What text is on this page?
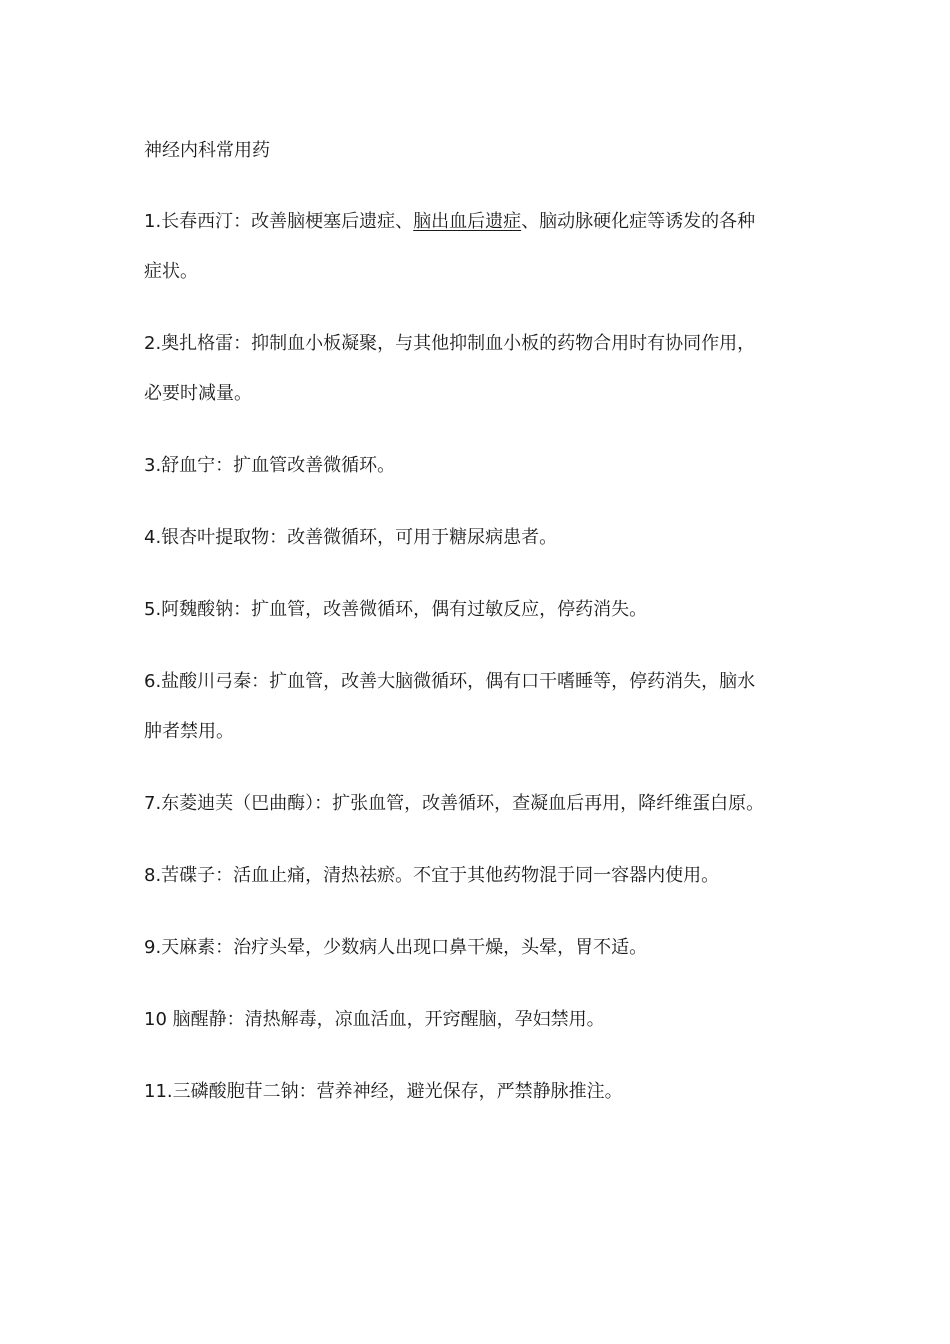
神经内科常用药
1.长春西汀：改善脑梗塞后遗症、脑出血后遗症、脑动脉硬化症等诱发的各种
症状。
2.奥扎格雷：抑制血小板凝聚，与其他抑制血小板的药物合用时有协同作用，
必要时减量。
3.舒血宁：扩血管改善微循环。
4.银杏叶提取物：改善微循环，可用于糖尿病患者。
5.阿魏酸钠：扩血管，改善微循环，偶有过敏反应，停药消失。
6.盐酸川弓秦：扩血管，改善大脑微循环，偶有口干嗜睡等，停药消失，脑水
肿者禁用。
7.东菱迪芙（巴曲酶）：扩张血管，改善循环，查凝血后再用，降纤维蛋白原。
8.苦碟子：活血止痛，清热祛瘀。不宜于其他药物混于同一容器内使用。
9.天麻素：治疗头晕，少数病人出现口鼻干燥，头晕，胃不适。
10 脑醒静：清热解毒，凉血活血，开窍醒脑，孕妇禁用。
11.三磷酸胞苷二钠：营养神经，避光保存，严禁静脉推注。
